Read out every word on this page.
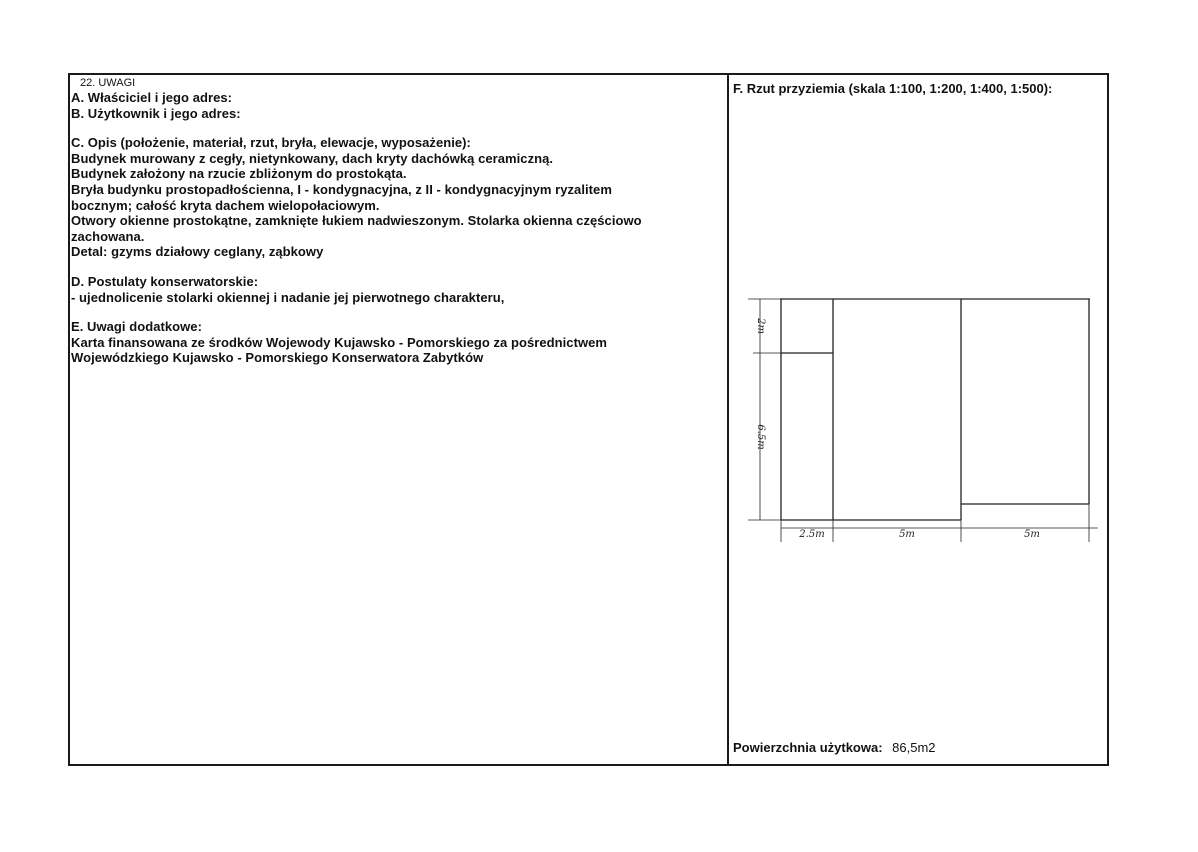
22. UWAGI
A. Właściciel i jego adres:
B. Użytkownik i jego adres:
C. Opis (położenie, materiał, rzut, bryła, elewacje, wyposażenie):
Budynek murowany z cegły, nietynkowany, dach kryty dachówką ceramiczną.
Budynek założony na rzucie zbliżonym do prostokąta.
Bryła budynku prostopadłościenna, I - kondygnacyjna, z II - kondygnacyjnym ryzalitem
bocznym; całość kryta dachem wielopołaciowym.
Otwory okienne prostokątne, zamknięte łukiem nadwieszonym. Stolarka okienna częściowo
zachowana.
Detal: gzyms działowy ceglany, ząbkowy
D. Postulaty konserwatorskie:
- ujednolicenie stolarki okiennej i nadanie jej pierwotnego charakteru,
E. Uwagi dodatkowe:
Karta finansowana ze środków Wojewody Kujawsko - Pomorskiego za pośrednictwem
Wojewódzkiego Kujawsko - Pomorskiego Konserwatora Zabytków
F. Rzut przyziemia (skala 1:100, 1:200, 1:400, 1:500):
2m
6.5m
2.5m	5m	5m
Powierzchnia użytkowa: 86,5m2
